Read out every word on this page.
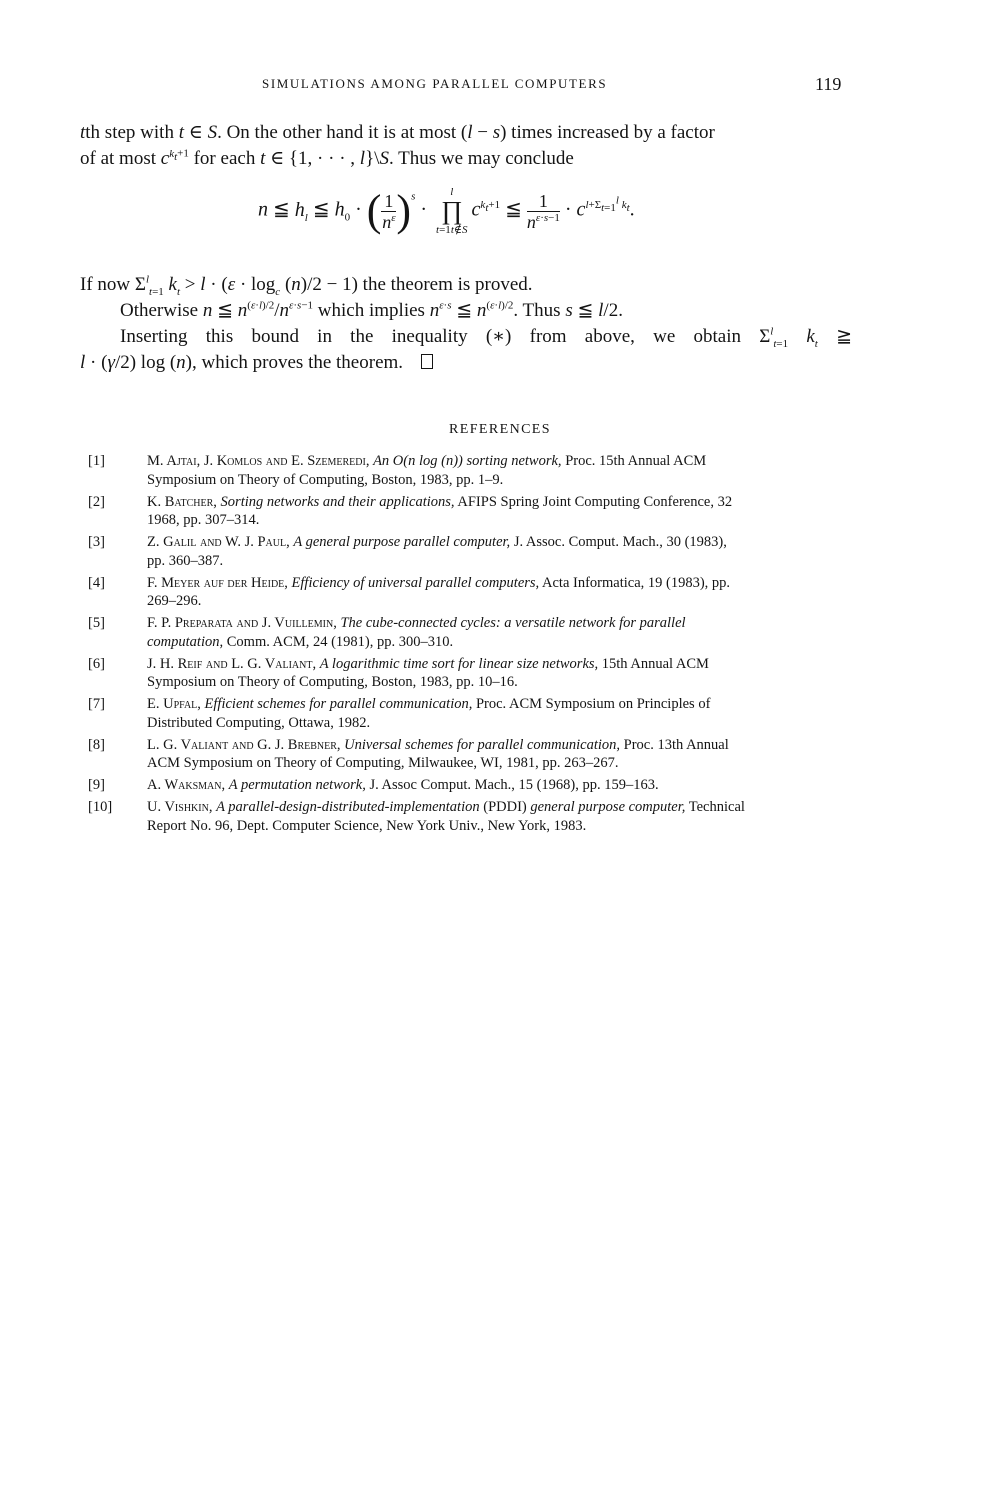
SIMULATIONS AMONG PARALLEL COMPUTERS	119
tth step with t ∈ S. On the other hand it is at most (l − s) times increased by a factor
of at most $c^{k_t+1}$ for each t ∈ {1, · · · , l}\S. Thus we may conclude
n ≦ $h_l$ ≦ $h_0$ · ( $\frac{1}{n^\varepsilon} )^s \cdot l$
∏
$t=1t\notin Sc^{k_t+1}$ ≦ $\frac{1}{n^{\varepsilon\cdot s-1}} \cdot c^{l+\Sigma_{t=1}^l k_t}$.
If now $\Sigma^l_{t=1}$ $k_t > l \cdot (\varepsilon \cdot \log_c (n)/2 - 1)$ the theorem is proved.
Otherwise n ≦ $n^{(\varepsilon\cdot l)/2}/n^{\varepsilon\cdot s-1}$ which implies $n^{\varepsilon\cdot s}$ ≦ $n^{(\varepsilon\cdot l)/2}$. Thus s ≦ l/2.
Inserting this bound in the inequality (∗) from above, we obtain $\Sigma^l_{t=1}$ $k_t$ ≧
l · (γ/2) log (n), which proves the theorem.
REFERENCES
[1]	M. Ajtai, J. Komlos and E. Szemeredi, An O(n log (n)) sorting network, Proc. 15th Annual ACM
Symposium on Theory of Computing, Boston, 1983, pp. 1–9.
[2]	K. Batcher, Sorting networks and their applications, AFIPS Spring Joint Computing Conference, 32
1968, pp. 307–314.
[3]	Z. Galil and W. J. Paul, A general purpose parallel computer, J. Assoc. Comput. Mach., 30 (1983),
pp. 360–387.
[4]	F. Meyer auf der Heide, Efficiency of universal parallel computers, Acta Informatica, 19 (1983), pp.
269–296.
[5]	F. P. Preparata and J. Vuillemin, The cube-connected cycles: a versatile network for parallel
computation, Comm. ACM, 24 (1981), pp. 300–310.
[6]	J. H. Reif and L. G. Valiant, A logarithmic time sort for linear size networks, 15th Annual ACM
Symposium on Theory of Computing, Boston, 1983, pp. 10–16.
[7]	E. Upfal, Efficient schemes for parallel communication, Proc. ACM Symposium on Principles of
Distributed Computing, Ottawa, 1982.
[8]	L. G. Valiant and G. J. Brebner, Universal schemes for parallel communication, Proc. 13th Annual
ACM Symposium on Theory of Computing, Milwaukee, WI, 1981, pp. 263–267.
[9]	A. Waksman, A permutation network, J. Assoc Comput. Mach., 15 (1968), pp. 159–163.
[10] U. Vishkin, A parallel-design-distributed-implementation (PDDI) general purpose computer, Technical
Report No. 96, Dept. Computer Science, New York Univ., New York, 1983.
